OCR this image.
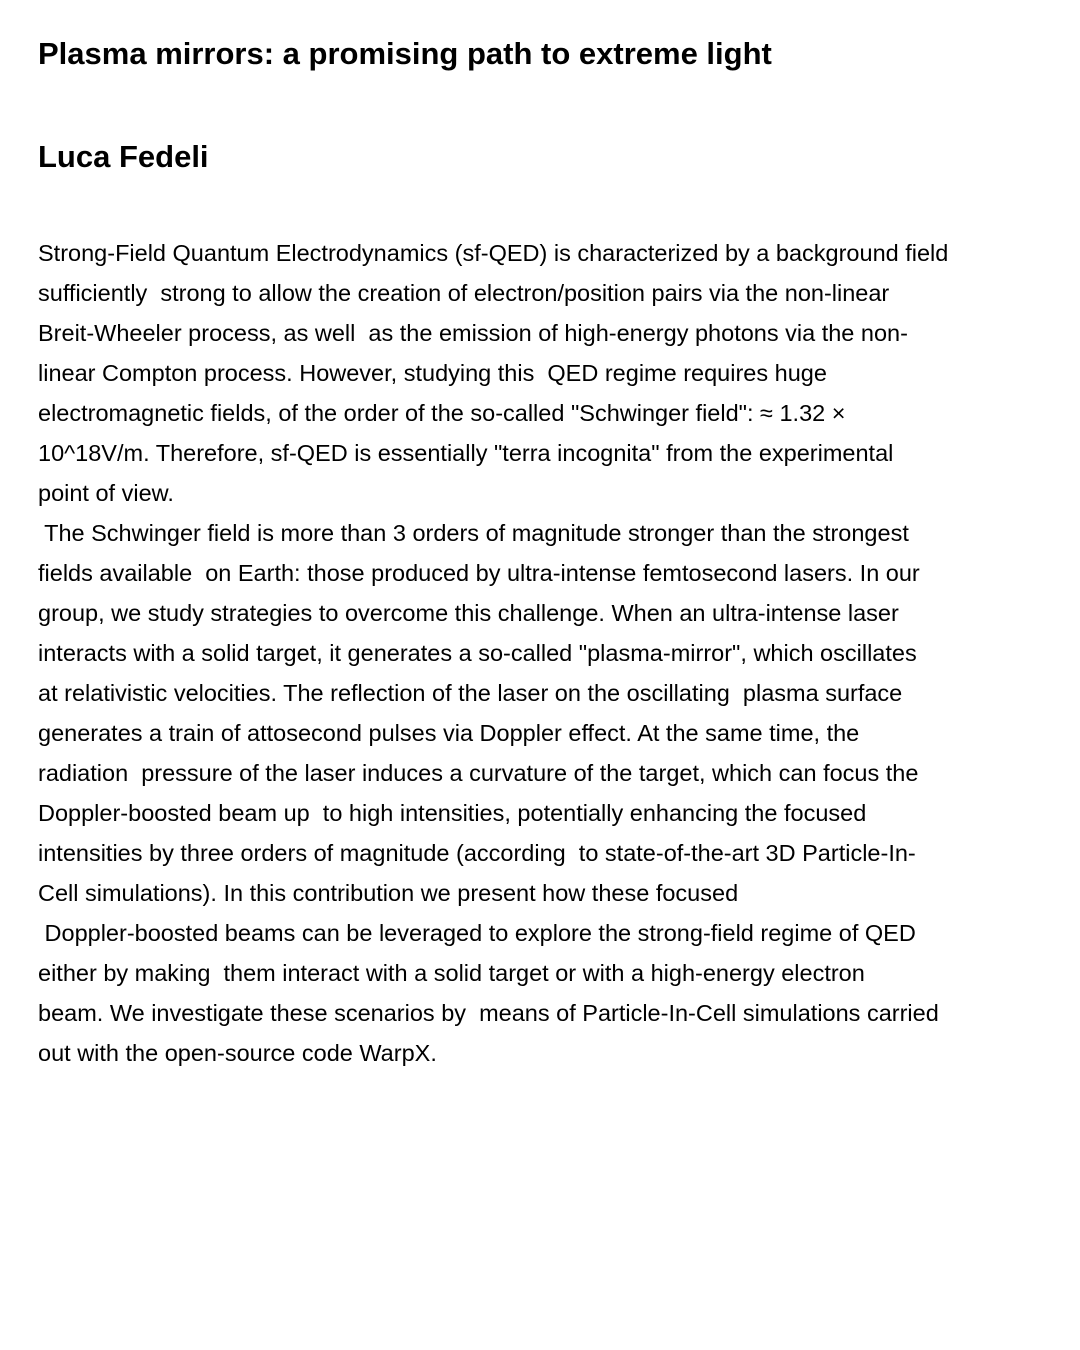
Plasma mirrors: a promising path to extreme light
Luca Fedeli
Strong-Field Quantum Electrodynamics (sf-QED) is characterized by a background field
sufficiently  strong to allow the creation of electron/position pairs via the non-linear
Breit-Wheeler process, as well  as the emission of high-energy photons via the non-
linear Compton process. However, studying this  QED regime requires huge
electromagnetic fields, of the order of the so-called "Schwinger field": ≈ 1.32 ×
10^18V/m. Therefore, sf-QED is essentially "terra incognita" from the experimental
point of view.
The Schwinger field is more than 3 orders of magnitude stronger than the strongest
fields available  on Earth: those produced by ultra-intense femtosecond lasers. In our
group, we study strategies to overcome this challenge. When an ultra-intense laser
interacts with a solid target, it generates a so-called "plasma-mirror", which oscillates
at relativistic velocities. The reflection of the laser on the oscillating  plasma surface
generates a train of attosecond pulses via Doppler effect. At the same time, the
radiation  pressure of the laser induces a curvature of the target, which can focus the
Doppler-boosted beam up  to high intensities, potentially enhancing the focused
intensities by three orders of magnitude (according  to state-of-the-art 3D Particle-In-
Cell simulations). In this contribution we present how these focused
Doppler-boosted beams can be leveraged to explore the strong-field regime of QED
either by making  them interact with a solid target or with a high-energy electron
beam. We investigate these scenarios by  means of Particle-In-Cell simulations carried
out with the open-source code WarpX.
